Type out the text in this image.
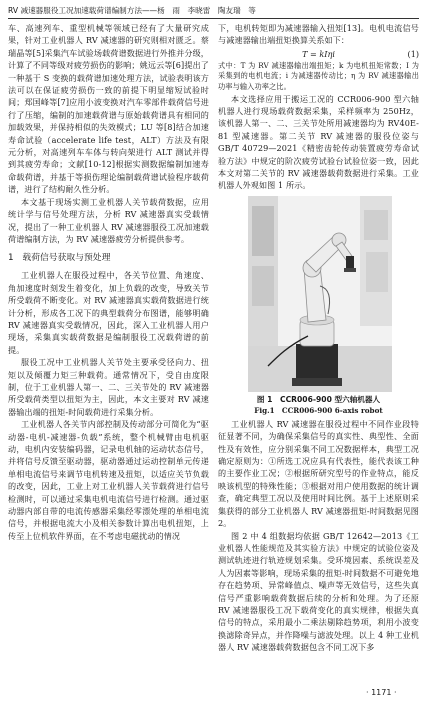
RV 减速器服役工况加速载荷谱编制方法——杨　雨　李晓雷　陶友瑞　等

车、高速列车、重型机械等领域已经有了大量研究成果，针对工业机器人 RV 减速器的研究则相对匮乏。蔡瑞晶等[5]采集汽车试验场载荷谱数据进行外推并分级，计算了不同等级对疲劳损伤的影响；姚远云等[6]提出了一种基于 S 变换的载荷谱加速处理方法，试验表明该方法可以在保证疲劳损伤一致的前提下明显缩短试验时间；郑国峰等[7]应用小波变换对汽车零部件载荷信号进行了压缩，编制的加速载荷谱与原始载荷谱具有相同的加载效果，并保持相似的失效模式；LU 等[8]结合加速寿命试验（accelerate life test，ALT）方法及有限元分析，对高速列车车体与转向架进行 ALT 测试并得到其疲劳寿命；文献[10-12]根据实测数据编制加速寿命载荷谱，并基于等损伤理论编制载荷谱试验程序载荷谱，进行了结构耐久性分析。

本文基于现场实测工业机器人关节载荷数据，应用统计学与信号处理方法，分析 RV 减速器真实受载情况，提出了一种工业机器人 RV 减速器服役工况加速载荷谱编制方法，为 RV 减速器疲劳分析提供参考。

1　载荷信号获取与预处理

工业机器人在服役过程中，各关节位置、角速度、角加速度时刻发生着变化，加上负载的改变，导致关节所受载荷不断变化。对 RV 减速器真实载荷数据进行统计分析，形成各工况下的典型载荷分布图谱，能够明确 RV 减速器真实受载情况，因此，深入工业机器人用户现场，采集真实载荷数据是编制服役工况载荷谱的前提。

服役工况中工业机器人关节处主要承受径向力、扭矩以及倾覆力矩三种载荷。通常情况下，受自由度限制，位于工业机器人第一、二、三关节处的 RV 减速器所受载荷类型以扭矩为主，因此，本文主要对 RV 减速器输出端的扭矩-时间载荷进行采集分析。

工业机器人各关节内部控制及传动部分可简化为“驱动器-电机-减速器-负载”系统，整个机械臂由电机驱动，电机内安装编码器，记录电机轴的运动状态信号，并将信号反馈至驱动器，驱动器通过运动控制单元传递单相电流信号来调节电机转速及扭矩，以适应关节负载的改变，因此，工业上对工业机器人关节载荷进行信号检测时，可以通过采集电机电流信号进行检测。通过驱动器内部自带的电流传感器采集经零漂处理的单相电流信号，并根据电流大小及相关参数计算出电机扭矩，上传至上位机软件界面，在不考虑电磁扰动的情况

下，电机转矩即为减速器输入扭矩[13]。电机电流信号与减速器输出端扭矩换算关系如下：

T = kIηi	(1)

式中：T 为 RV 减速器输出端扭矩；k 为电机扭矩常数；I 为采集到的电机电流；i 为减速器传动比；η 为 RV 减速器输出功率与输入功率之比。

本文选择应用于搬运工况的 CCR006-900 型六轴机器人进行现场载荷数据采集，采样频率为 250Hz，该机器人第一、二、三关节处所用减速器均为 RV40E-81 型减速器。第二关节 RV 减速器的服役位姿与 GB/T 40729—2021《精密齿轮传动装置疲劳寿命试验方法》中规定的阶次疲劳试验台试验位姿一致，因此本文对第二关节的 RV 减速器载荷数据进行采集。工业机器人外观如图 1 所示。

图 1　CCR006-900 型六轴机器人
Fig.1　CCR006-900 6-axis robot

工业机器人 RV 减速器在服役过程中不同作业段特征显著不同，为确保采集信号的真实性、典型性、全面性及有效性，应分别采集不同工况数据样本，典型工况确定原则为：①所选工况应具有代表性，能代表该工种的主要作业工况；②根据所研究型号的作业特点，能反映该机型的特殊性能；③根据对用户使用数据的统计调查，确定典型工况以及使用时间比例。基于上述原则采集获得的部分工业机器人 RV 减速器扭矩-时间数据见图 2。

图 2 中 4 组数据均依据 GB/T 12642—2013《工业机器人性能规范及其实验方法》中规定的试验位姿及测试轨迹进行轨迹规划采集。受环境因素、系统误差及人为因素等影响，现场采集的扭矩-时间数据不可避免地存在趋势项、异常峰值点、噪声等无效信号，这些失真信号严重影响载荷数据后续的分析和处理。为了还原 RV 减速器服役工况下载荷变化的真实规律，根据失真信号的特点，采用最小二乘法剔除趋势项，利用小波变换滤除奇异点，并作降噪与滤波处理。以上 4 种工业机器人 RV 减速器载荷数据包含不同工况下多

· 1171 ·
